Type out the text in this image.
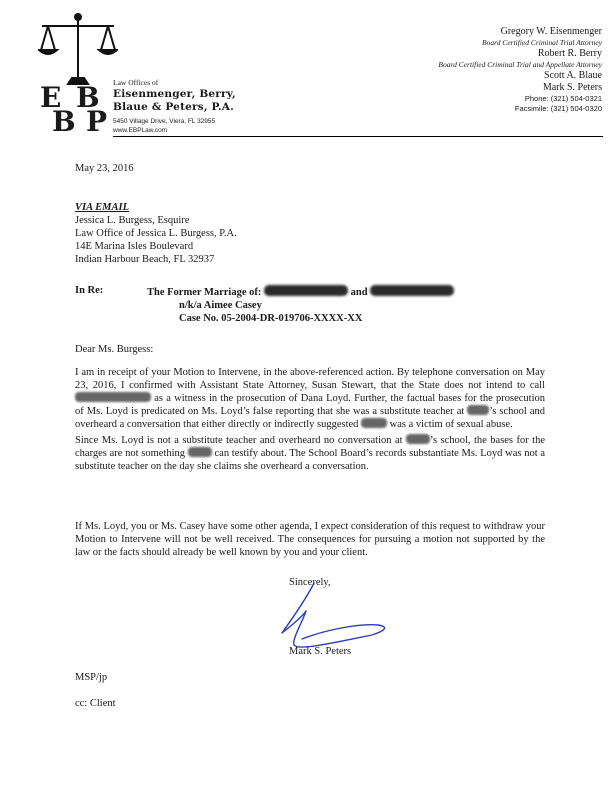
E B
B P

Law Offices of

Eisenmenger, Berry,

Blaue & Peters, P.A.

5450 Village Drive, Viera, FL 32955

www.EBPLaw.com

Gregory W. Eisenmenger

Board Certified Criminal Trial Attorney

Robert R. Berry

Board Certified Criminal Trial and Appellate Attorney

Scott A. Blaue

Mark S. Peters

Phone: (321) 504-0321

Facsimile: (321) 504-0320

May 23, 2016
VIA EMAIL
Jessica L. Burgess, Esquire
Law Office of Jessica L. Burgess, P.A.
14E Marina Isles Boulevard
Indian Harbour Beach, FL 32937
In Re:	The Former Marriage of:	and
n/k/a Aimee Casey
Case No. 05-2004-DR-019706-XXXX-XX
Dear Ms. Burgess:

I am in receipt of your Motion to Intervene, in the above-referenced action. By telephone conversation on May 23, 2016, I confirmed with Assistant State Attorney, Susan Stewart, that the State does not intend to call  as a witness in the prosecution of Dana Loyd. Further, the factual bases for the prosecution of Ms. Loyd is predicated on Ms. Loyd’s false reporting that she was a substitute teacher at ’s school and overheard a conversation that either directly or indirectly suggested	was a victim of sexual abuse.

Since Ms. Loyd is not a substitute teacher and overheard no conversation at	’s school, the bases for the charges are not something	can testify about. The School Board’s records substantiate Ms. Loyd was not a substitute teacher on the day she claims she overheard a conversation.

If Ms. Loyd, you or Ms. Casey have some other agenda, I expect consideration of this request to withdraw your Motion to Intervene will not be well received. The consequences for pursuing a motion not supported by the law or the facts should already be well known by you and your client.

Sincerely,
Mark S. Peters
MSP/jp
cc: Client
